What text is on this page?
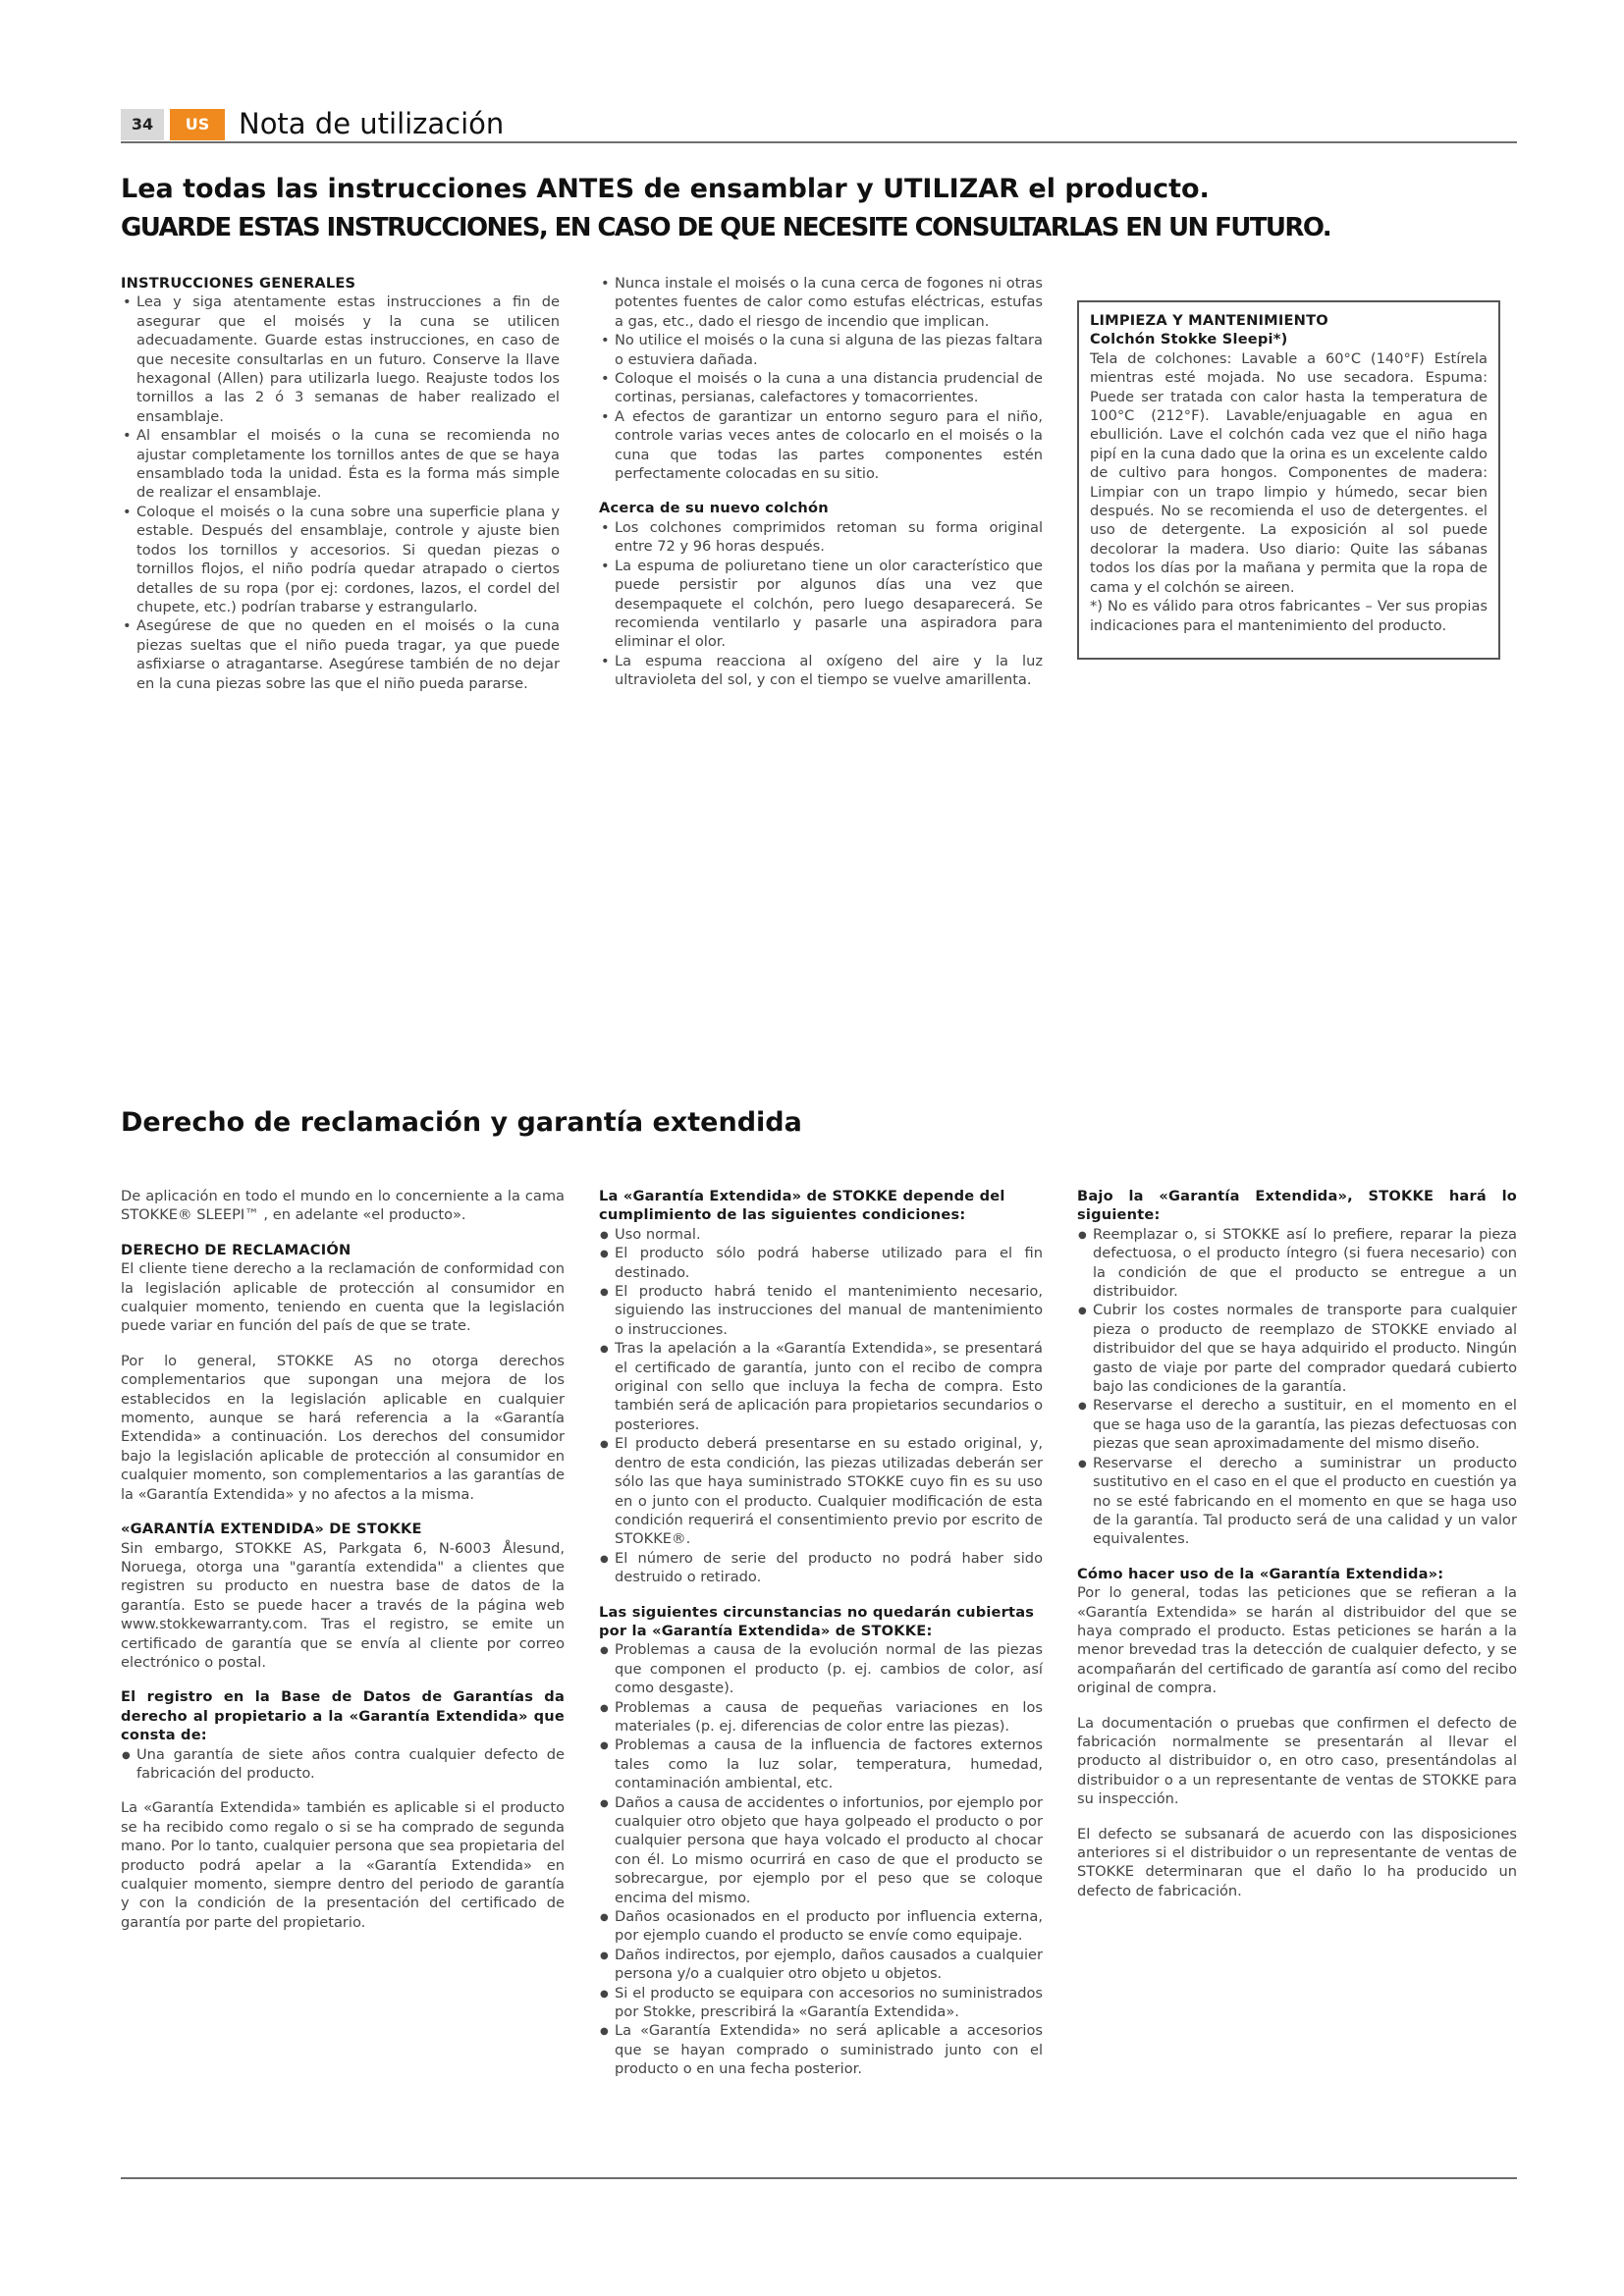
34	US	Nota de utilización
Lea todas las instrucciones ANTES de ensamblar y UTILIZAR el producto.
GUARDE ESTAS INSTRUCCIONES, EN CASO DE QUE NECESITE CONSULTARLAS EN UN FUTURO.

INSTRUCCIONES GENERALES

• Lea y siga atentamente estas instrucciones a fin de asegurar que el moisés y la cuna se utilicen adecuadamente. Guarde estas instrucciones, en caso de que necesite consultarlas en un futuro. Conserve la llave hexagonal (Allen) para utilizarla luego. Reajuste todos los tornillos a las 2 ó 3 semanas de haber realizado el ensamblaje.
• Al ensamblar el moisés o la cuna se recomienda no ajustar completamente los tornillos antes de que se haya ensamblado toda la unidad. Ésta es la forma más simple de realizar el ensamblaje.
• Coloque el moisés o la cuna sobre una superficie plana y estable. Después del ensamblaje, controle y ajuste bien todos los tornillos y accesorios. Si quedan piezas o tornillos flojos, el niño podría quedar atrapado o ciertos detalles de su ropa (por ej: cordones, lazos, el cordel del chupete, etc.) podrían trabarse y estrangularlo.
• Asegúrese de que no queden en el moisés o la cuna piezas sueltas que el niño pueda tragar, ya que puede asfixiarse o atragantarse. Asegúrese también de no dejar en la cuna piezas sobre las que el niño pueda pararse.
• Nunca instale el moisés o la cuna cerca de fogones ni otras potentes fuentes de calor como estufas eléctricas, estufas a gas, etc., dado el riesgo de incendio que implican.
• No utilice el moisés o la cuna si alguna de las piezas faltara o estuviera dañada.
• Coloque el moisés o la cuna a una distancia prudencial de cortinas, persianas, calefactores y tomacorrientes.
• A efectos de garantizar un entorno seguro para el niño, controle varias veces antes de colocarlo en el moisés o la cuna que todas las partes componentes estén perfectamente colocadas en su sitio.

Acerca de su nuevo colchón

• Los colchones comprimidos retoman su forma original entre 72 y 96 horas después.
• La espuma de poliuretano tiene un olor característico que puede persistir por algunos días una vez que desempaquete el colchón, pero luego desaparecerá. Se recomienda ventilarlo y pasarle una aspiradora para eliminar el olor.
• La espuma reacciona al oxígeno del aire y la luz ultravioleta del sol, y con el tiempo se vuelve amarillenta.

LIMPIEZA Y MANTENIMIENTO

Colchón Stokke Sleepi*)

Tela de colchones: Lavable a 60°C (140°F) Estírela mientras esté mojada. No use secadora. Espuma: Puede ser tratada con calor hasta la temperatura de 100°C (212°F). Lavable/enjuagable en agua en ebullición. Lave el colchón cada vez que el niño haga pipí en la cuna dado que la orina es un excelente caldo de cultivo para hongos. Componentes de madera: Limpiar con un trapo limpio y húmedo, secar bien después. No se recomienda el uso de detergentes. el uso de detergente. La exposición al sol puede decolorar la madera. Uso diario: Quite las sábanas todos los días por la mañana y permita que la ropa de cama y el colchón se aireen.

*) No es válido para otros fabricantes – Ver sus propias indicaciones para el mantenimiento del producto.

Derecho de reclamación y garantía extendida

De aplicación en todo el mundo en lo concerniente a la cama STOKKE® SLEEPI™ , en adelante «el producto».

DERECHO DE RECLAMACIÓN

El cliente tiene derecho a la reclamación de conformidad con la legislación aplicable de protección al consumidor en cualquier momento, teniendo en cuenta que la legislación puede variar en función del país de que se trate.

Por lo general, STOKKE AS no otorga derechos complementarios que supongan una mejora de los establecidos en la legislación aplicable en cualquier momento, aunque se hará referencia a la «Garantía Extendida» a continuación. Los derechos del consumidor bajo la legislación aplicable de protección al consumidor en cualquier momento, son complementarios a las garantías de la «Garantía Extendida» y no afectos a la misma.

«GARANTÍA EXTENDIDA» DE STOKKE

Sin embargo, STOKKE AS, Parkgata 6, N-6003 Ålesund, Noruega, otorga una "garantía extendida" a clientes que registren su producto en nuestra base de datos de la garantía. Esto se puede hacer a través de la página web www.stokkewarranty.com. Tras el registro, se emite un certificado de garantía que se envía al cliente por correo electrónico o postal.

El registro en la Base de Datos de Garantías da derecho al propietario a la «Garantía Extendida» que consta de:

● Una garantía de siete años contra cualquier defecto de fabricación del producto.

La «Garantía Extendida» también es aplicable si el producto se ha recibido como regalo o si se ha comprado de segunda mano. Por lo tanto, cualquier persona que sea propietaria del producto podrá apelar a la «Garantía Extendida» en cualquier momento, siempre dentro del periodo de garantía y con la condición de la presentación del certificado de garantía por parte del propietario.

La «Garantía Extendida» de STOKKE depende del cumplimiento de las siguientes condiciones:

● Uso normal.
● El producto sólo podrá haberse utilizado para el fin destinado.
● El producto habrá tenido el mantenimiento necesario, siguiendo las instrucciones del manual de mantenimiento o instrucciones.
● Tras la apelación a la «Garantía Extendida», se presentará el certificado de garantía, junto con el recibo de compra original con sello que incluya la fecha de compra. Esto también será de aplicación para propietarios secundarios o posteriores.
● El producto deberá presentarse en su estado original, y, dentro de esta condición, las piezas utilizadas deberán ser sólo las que haya suministrado STOKKE cuyo fin es su uso en o junto con el producto. Cualquier modificación de esta condición requerirá el consentimiento previo por escrito de STOKKE®.
● El número de serie del producto no podrá haber sido destruido o retirado.

Las siguientes circunstancias no quedarán cubiertas por la «Garantía Extendida» de STOKKE:

● Problemas a causa de la evolución normal de las piezas que componen el producto (p. ej. cambios de color, así como desgaste).
● Problemas a causa de pequeñas variaciones en los materiales (p. ej. diferencias de color entre las piezas).
● Problemas a causa de la influencia de factores externos tales como la luz solar, temperatura, humedad, contaminación ambiental, etc.
● Daños a causa de accidentes o infortunios, por ejemplo por cualquier otro objeto que haya golpeado el producto o por cualquier persona que haya volcado el producto al chocar con él. Lo mismo ocurrirá en caso de que el producto se sobrecargue, por ejemplo por el peso que se coloque encima del mismo.
● Daños ocasionados en el producto por influencia externa, por ejemplo cuando el producto se envíe como equipaje.
● Daños indirectos, por ejemplo, daños causados a cualquier persona y/o a cualquier otro objeto u objetos.
● Si el producto se equipara con accesorios no suministrados por Stokke, prescribirá la «Garantía Extendida».
● La «Garantía Extendida» no será aplicable a accesorios que se hayan comprado o suministrado junto con el producto o en una fecha posterior.

Bajo la «Garantía Extendida», STOKKE hará lo siguiente:

● Reemplazar o, si STOKKE así lo prefiere, reparar la pieza defectuosa, o el producto íntegro (si fuera necesario) con la condición de que el producto se entregue a un distribuidor.
● Cubrir los costes normales de transporte para cualquier pieza o producto de reemplazo de STOKKE enviado al distribuidor del que se haya adquirido el producto. Ningún gasto de viaje por parte del comprador quedará cubierto bajo las condiciones de la garantía.
● Reservarse el derecho a sustituir, en el momento en el que se haga uso de la garantía, las piezas defectuosas con piezas que sean aproximadamente del mismo diseño.
● Reservarse el derecho a suministrar un producto sustitutivo en el caso en el que el producto en cuestión ya no se esté fabricando en el momento en que se haga uso de la garantía. Tal producto será de una calidad y un valor equivalentes.

Cómo hacer uso de la «Garantía Extendida»:

Por lo general, todas las peticiones que se refieran a la «Garantía Extendida» se harán al distribuidor del que se haya comprado el producto. Estas peticiones se harán a la menor brevedad tras la detección de cualquier defecto, y se acompañarán del certificado de garantía así como del recibo original de compra.

La documentación o pruebas que confirmen el defecto de fabricación normalmente se presentarán al llevar el producto al distribuidor o, en otro caso, presentándolas al distribuidor o a un representante de ventas de STOKKE para su inspección.

El defecto se subsanará de acuerdo con las disposiciones anteriores si el distribuidor o un representante de ventas de STOKKE determinaran que el daño lo ha producido un defecto de fabricación.
